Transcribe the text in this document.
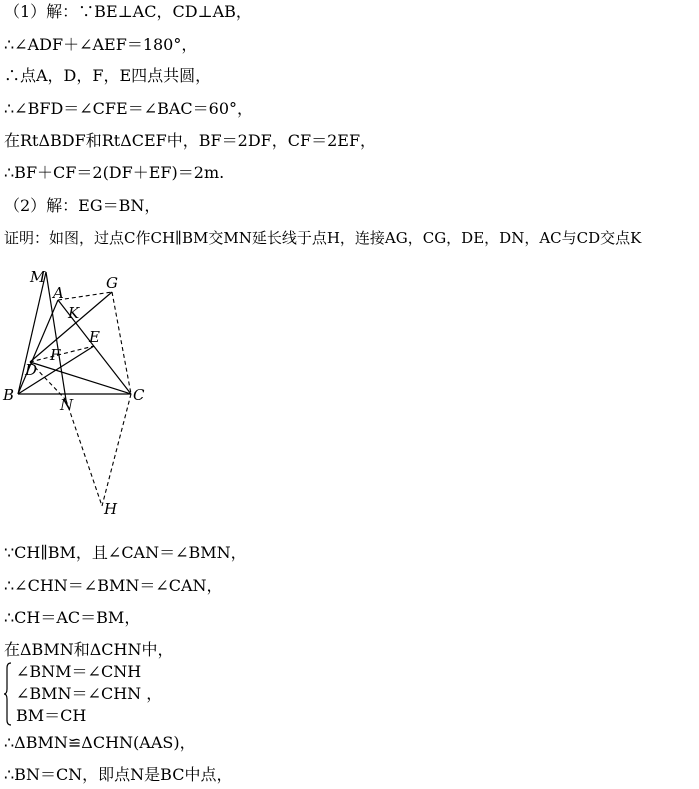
（1）解：∵BE⊥AC，CD⊥AB，
∴∠ADF＋∠AEF＝180°，
∴点A，D，F，E四点共圆，
∴∠BFD＝∠CFE＝∠BAC＝60°，
在RtΔBDF和RtΔCEF中，BF＝2DF，CF＝2EF，
∴BF＋CF＝2(DF＋EF)＝2m.
（2）解：EG＝BN，
证明：如图，过点C作CH∥BM交MN延长线于点H，连接AG，CG，DE，DN，AC与CD交点K
M
A
G
K
E
F
D
B
N
C
H
∵CH∥BM，且∠CAN＝∠BMN，
∴∠CHN＝∠BMN＝∠CAN，
∴CH＝AC＝BM，
在ΔBMN和ΔCHN中，
∠BNM＝∠CNH
∠BMN＝∠CHN ，
BM＝CH
∴ΔBMN≌ΔCHN(AAS)，
∴BN＝CN，即点N是BC中点，
